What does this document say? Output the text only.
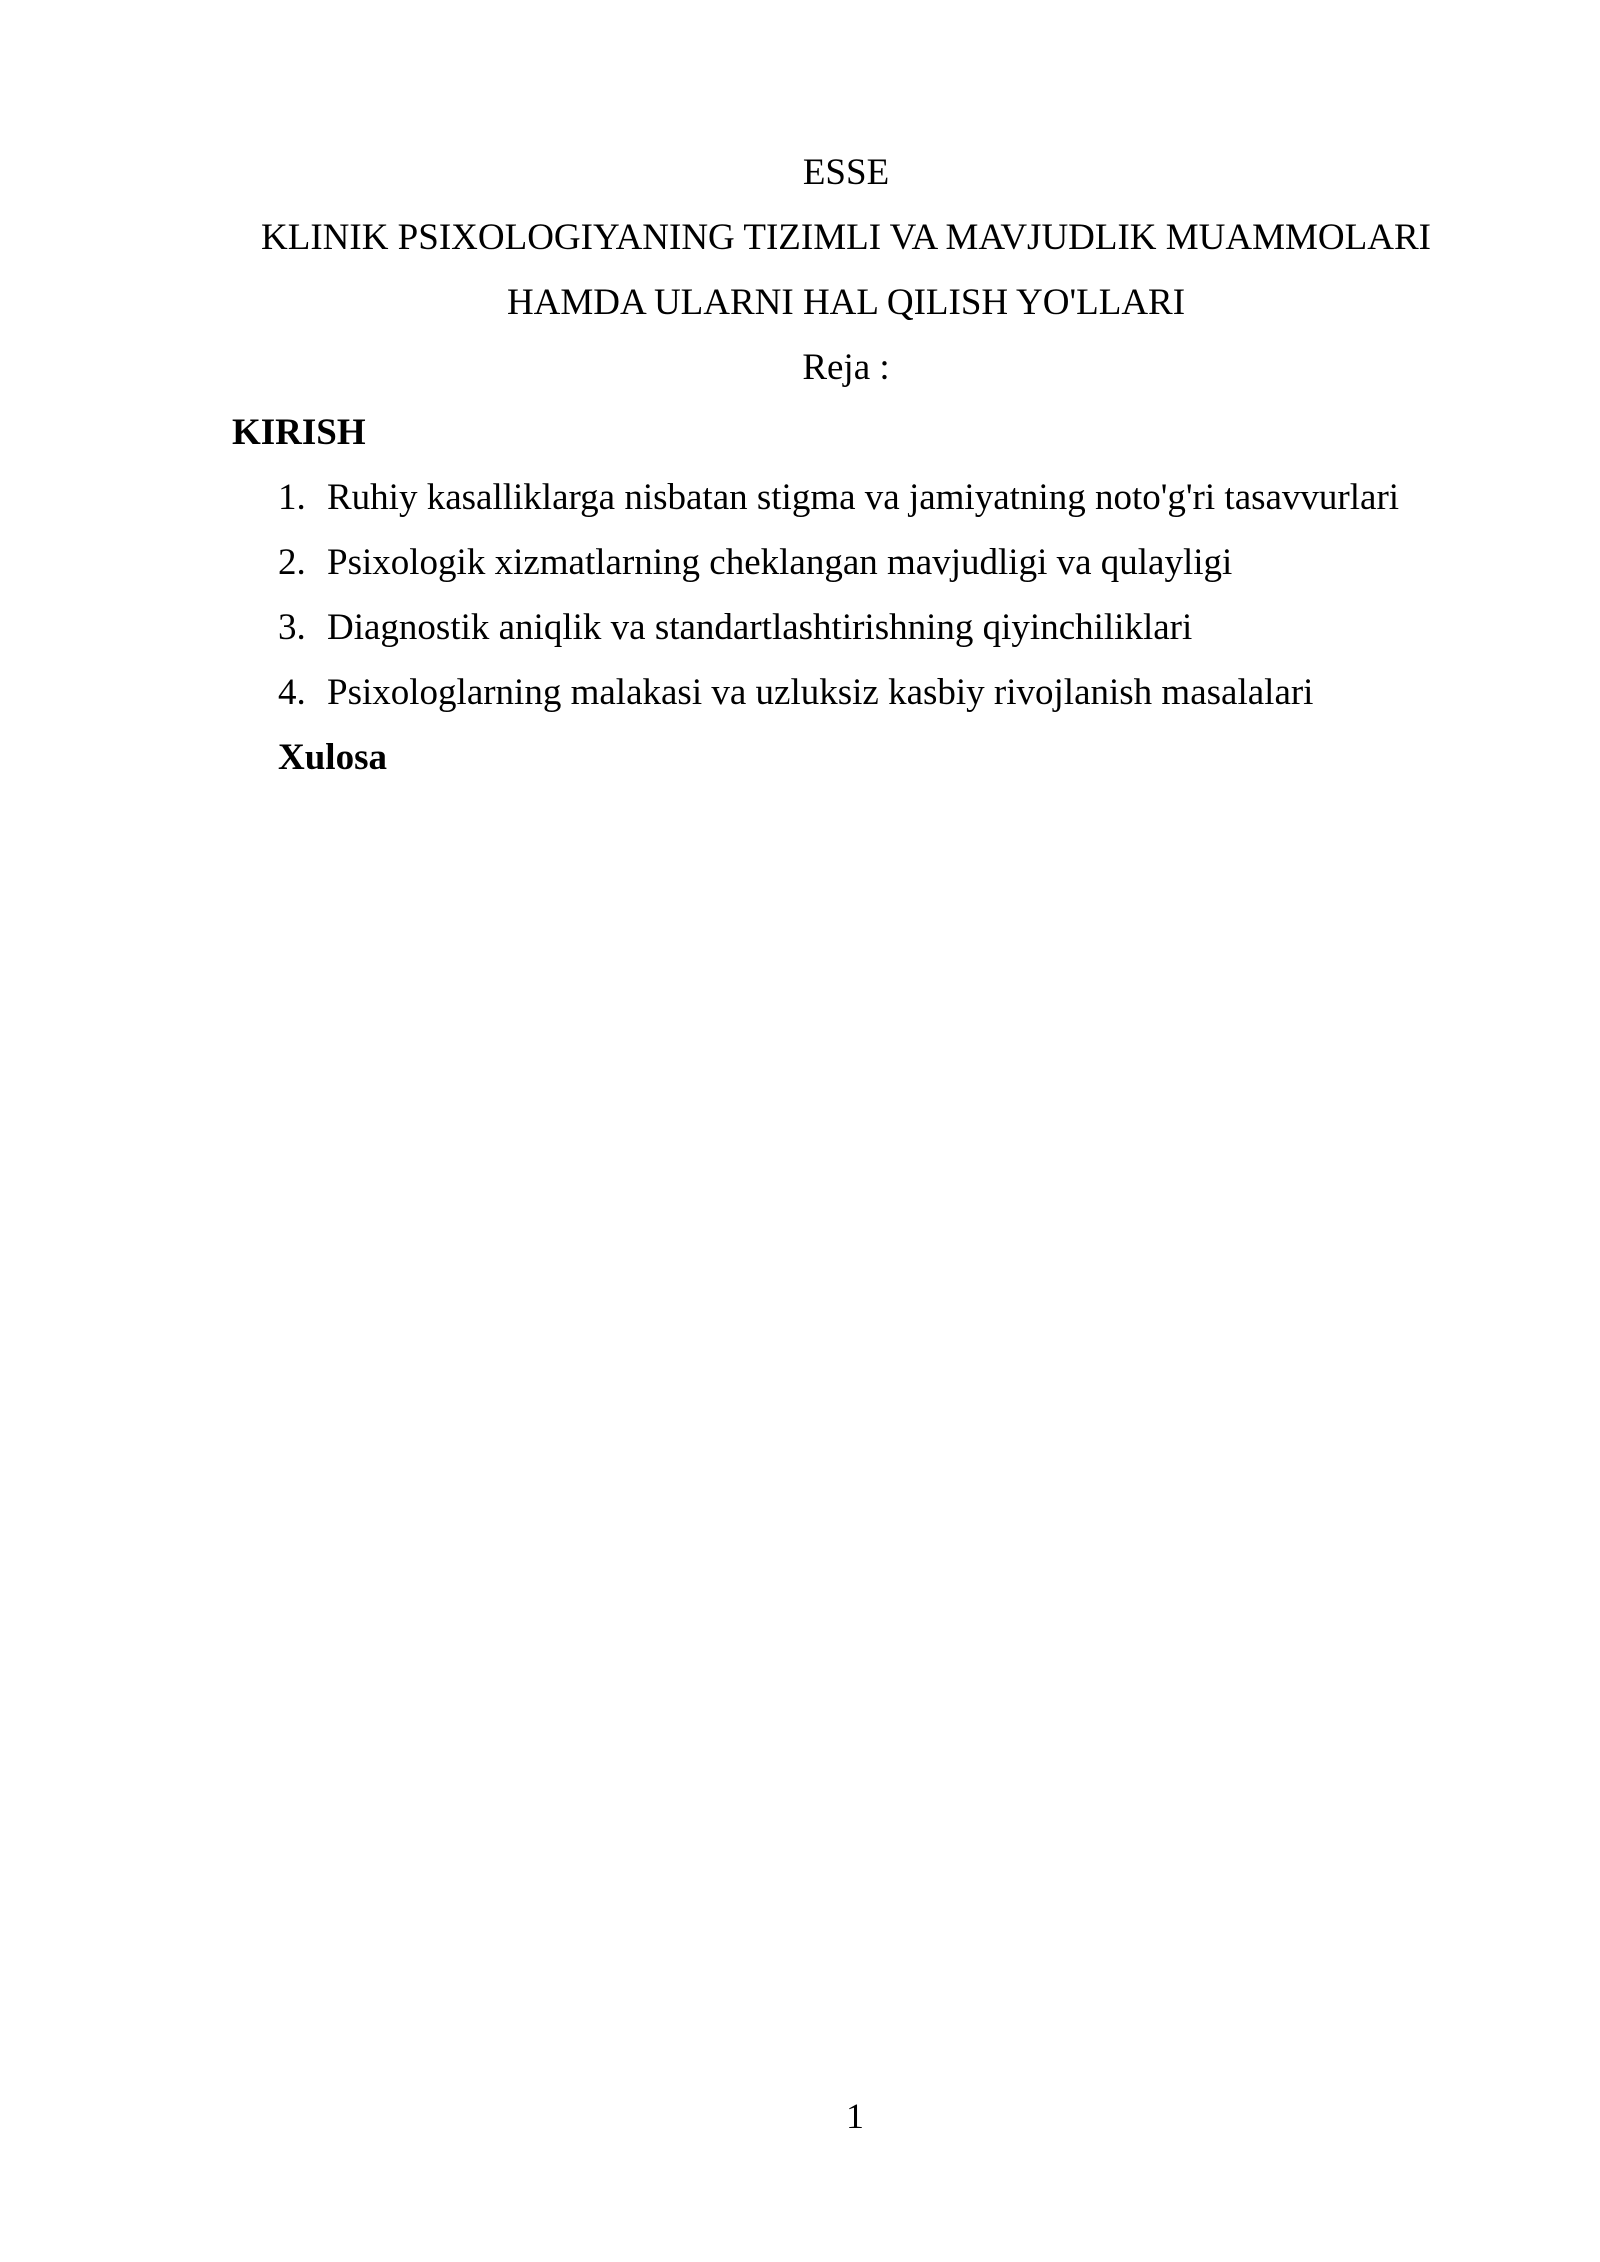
ESSE
KLINIK PSIXOLOGIYANING TIZIMLI VA MAVJUDLIK MUAMMOLARI
HAMDA ULARNI HAL QILISH YO'LLARI
Reja :
KIRISH
1. Ruhiy kasalliklarga nisbatan stigma va jamiyatning noto'g'ri tasavvurlari
2. Psixologik xizmatlarning cheklangan mavjudligi va qulayligi
3. Diagnostik aniqlik va standartlashtirishning qiyinchiliklari
4. Psixologlarning malakasi va uzluksiz kasbiy rivojlanish masalalari
Xulosa
1
